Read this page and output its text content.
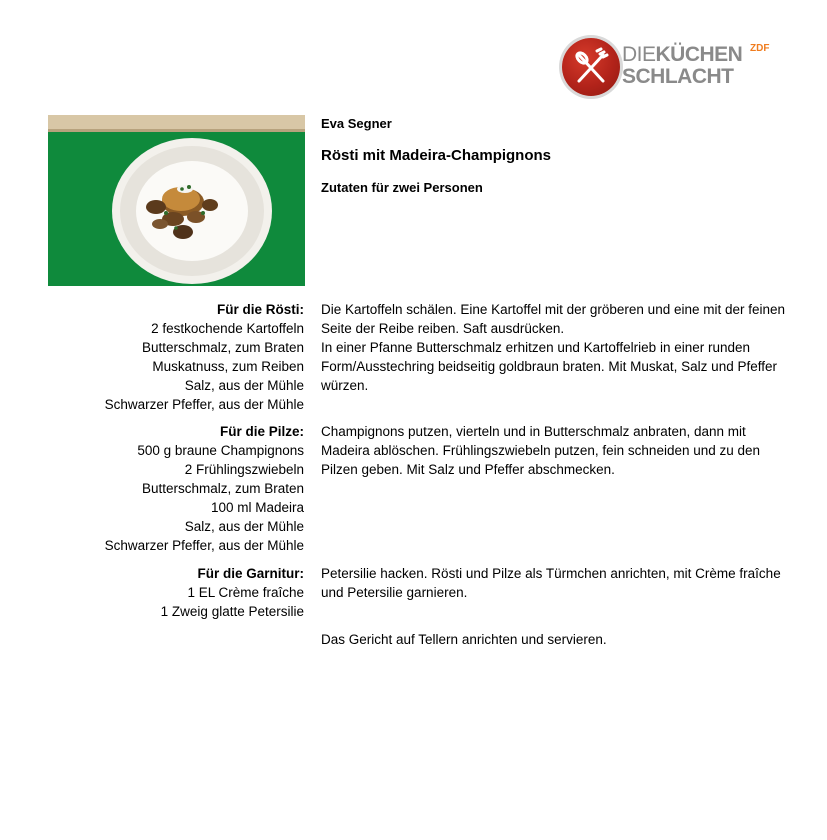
DIEKÜCHEN
SCHLACHT
ZDF
Eva Segner
Rösti mit Madeira-Champignons
Zutaten für zwei Personen
Für die Rösti:
2 festkochende Kartoffeln
Butterschmalz, zum Braten
Muskatnuss, zum Reiben
Salz, aus der Mühle
Schwarzer Pfeffer, aus der Mühle

Die Kartoffeln schälen. Eine Kartoffel mit der gröberen und eine mit der feinen Seite der Reibe reiben. Saft ausdrücken.

In einer Pfanne Butterschmalz erhitzen und Kartoffelrieb in einer runden Form/Ausstechring beidseitig goldbraun braten. Mit Muskat, Salz und Pfeffer würzen.

Für die Pilze:
500 g braune Champignons
2 Frühlingszwiebeln
Butterschmalz, zum Braten
100 ml Madeira
Salz, aus der Mühle
Schwarzer Pfeffer, aus der Mühle

Champignons putzen, vierteln und in Butterschmalz anbraten, dann mit Madeira ablöschen. Frühlingszwiebeln putzen, fein schneiden und zu den Pilzen geben. Mit Salz und Pfeffer abschmecken.

Für die Garnitur:
1 EL Crème fraîche
1 Zweig glatte Petersilie

Petersilie hacken. Rösti und Pilze als Türmchen anrichten, mit Crème fraîche und Petersilie garnieren.

Das Gericht auf Tellern anrichten und servieren.
